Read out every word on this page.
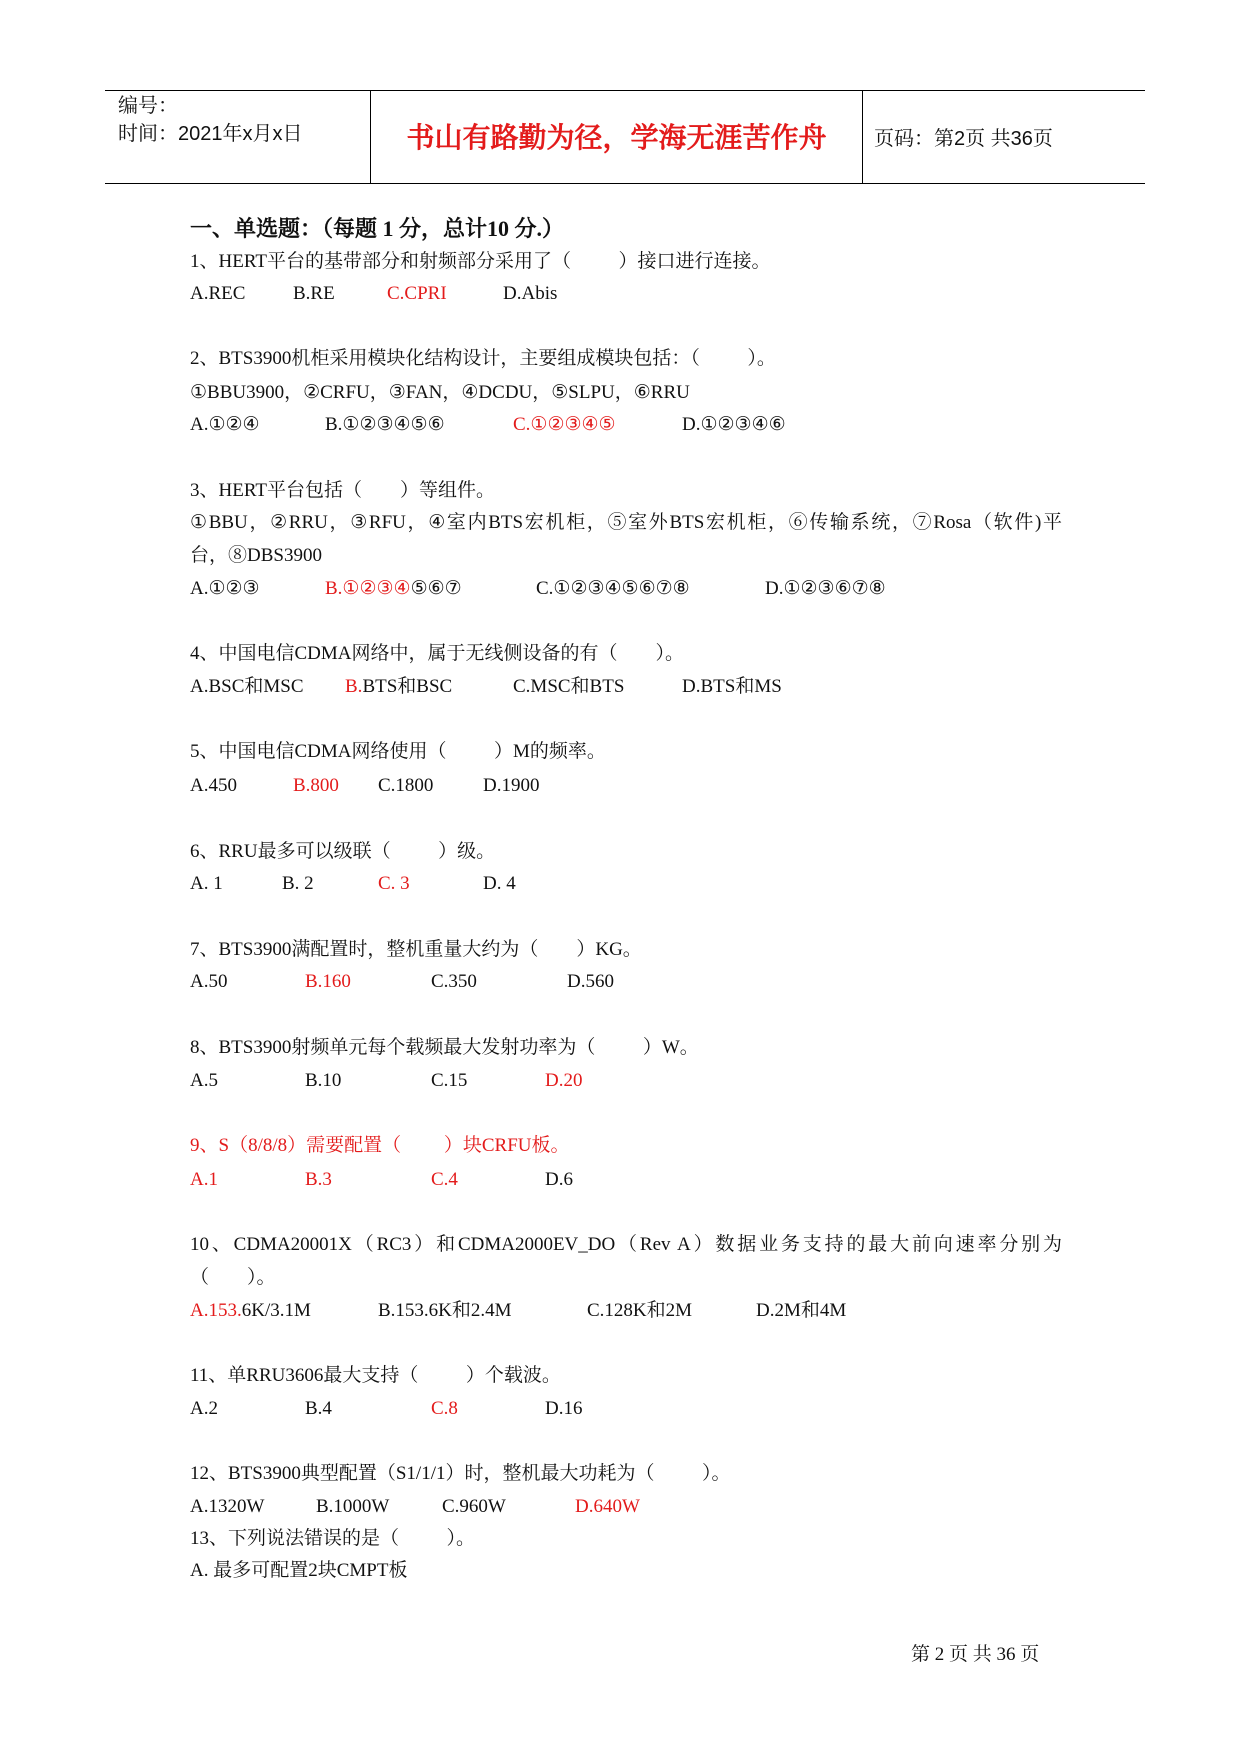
编号：
时间：2021年x月x日	书山有路勤为径，学海无涯苦作舟	页码：第2页 共36页
一、单选题：（每题 1 分，总计10 分.）
1、HERT平台的基带部分和射频部分采用了（          ）接口进行连接。
A.REC	B.RE	C.CPRI	D.Abis
2、BTS3900机柜采用模块化结构设计，主要组成模块包括：（          ）。
①BBU3900，②CRFU，③FAN，④DCDU，⑤SLPU，⑥RRU
A.①②④	B.①②③④⑤⑥	C.①②③④⑤	D.①②③④⑥
3、HERT平台包括（        ）等组件。
①BBU，②RRU，③RFU，④室内BTS宏机柜，⑤室外BTS宏机柜，⑥传输系统，⑦Rosa（软件)平
台，⑧DBS3900
A.①②③	B.①②③④⑤⑥⑦	C.①②③④⑤⑥⑦⑧	D.①②③⑥⑦⑧
4、中国电信CDMA网络中，属于无线侧设备的有（        ）。
A.BSC和MSC B.BTS和BSC	C.MSC和BTS	D.BTS和MS
5、中国电信CDMA网络使用（          ）M的频率。
A.450	B.800 C.1800	D.1900
6、RRU最多可以级联（          ）级。
A. 1	B. 2	C. 3	D. 4
7、BTS3900满配置时，整机重量大约为（        ）KG。
A.50	B.160	C.350	D.560
8、BTS3900射频单元每个载频最大发射功率为（          ）W。
A.5	B.10	C.15	D.20
9、S（8/8/8）需要配置（         ）块CRFU板。
A.1	B.3	C.4	D.6
10、CDMA20001X（RC3）和CDMA2000EV_DO（Rev A）数据业务支持的最大前向速率分别为
（        ）。
A.153.6K/3.1M	B.153.6K和2.4M	C.128K和2M	D.2M和4M
11、单RRU3606最大支持（          ）个载波。
A.2	B.4	C.8	D.16
12、BTS3900典型配置（S1/1/1）时，整机最大功耗为（          ）。
A.1320W	B.1000W	C.960W	D.640W
13、下列说法错误的是（          ）。
A. 最多可配置2块CMPT板
第 2 页 共 36 页
